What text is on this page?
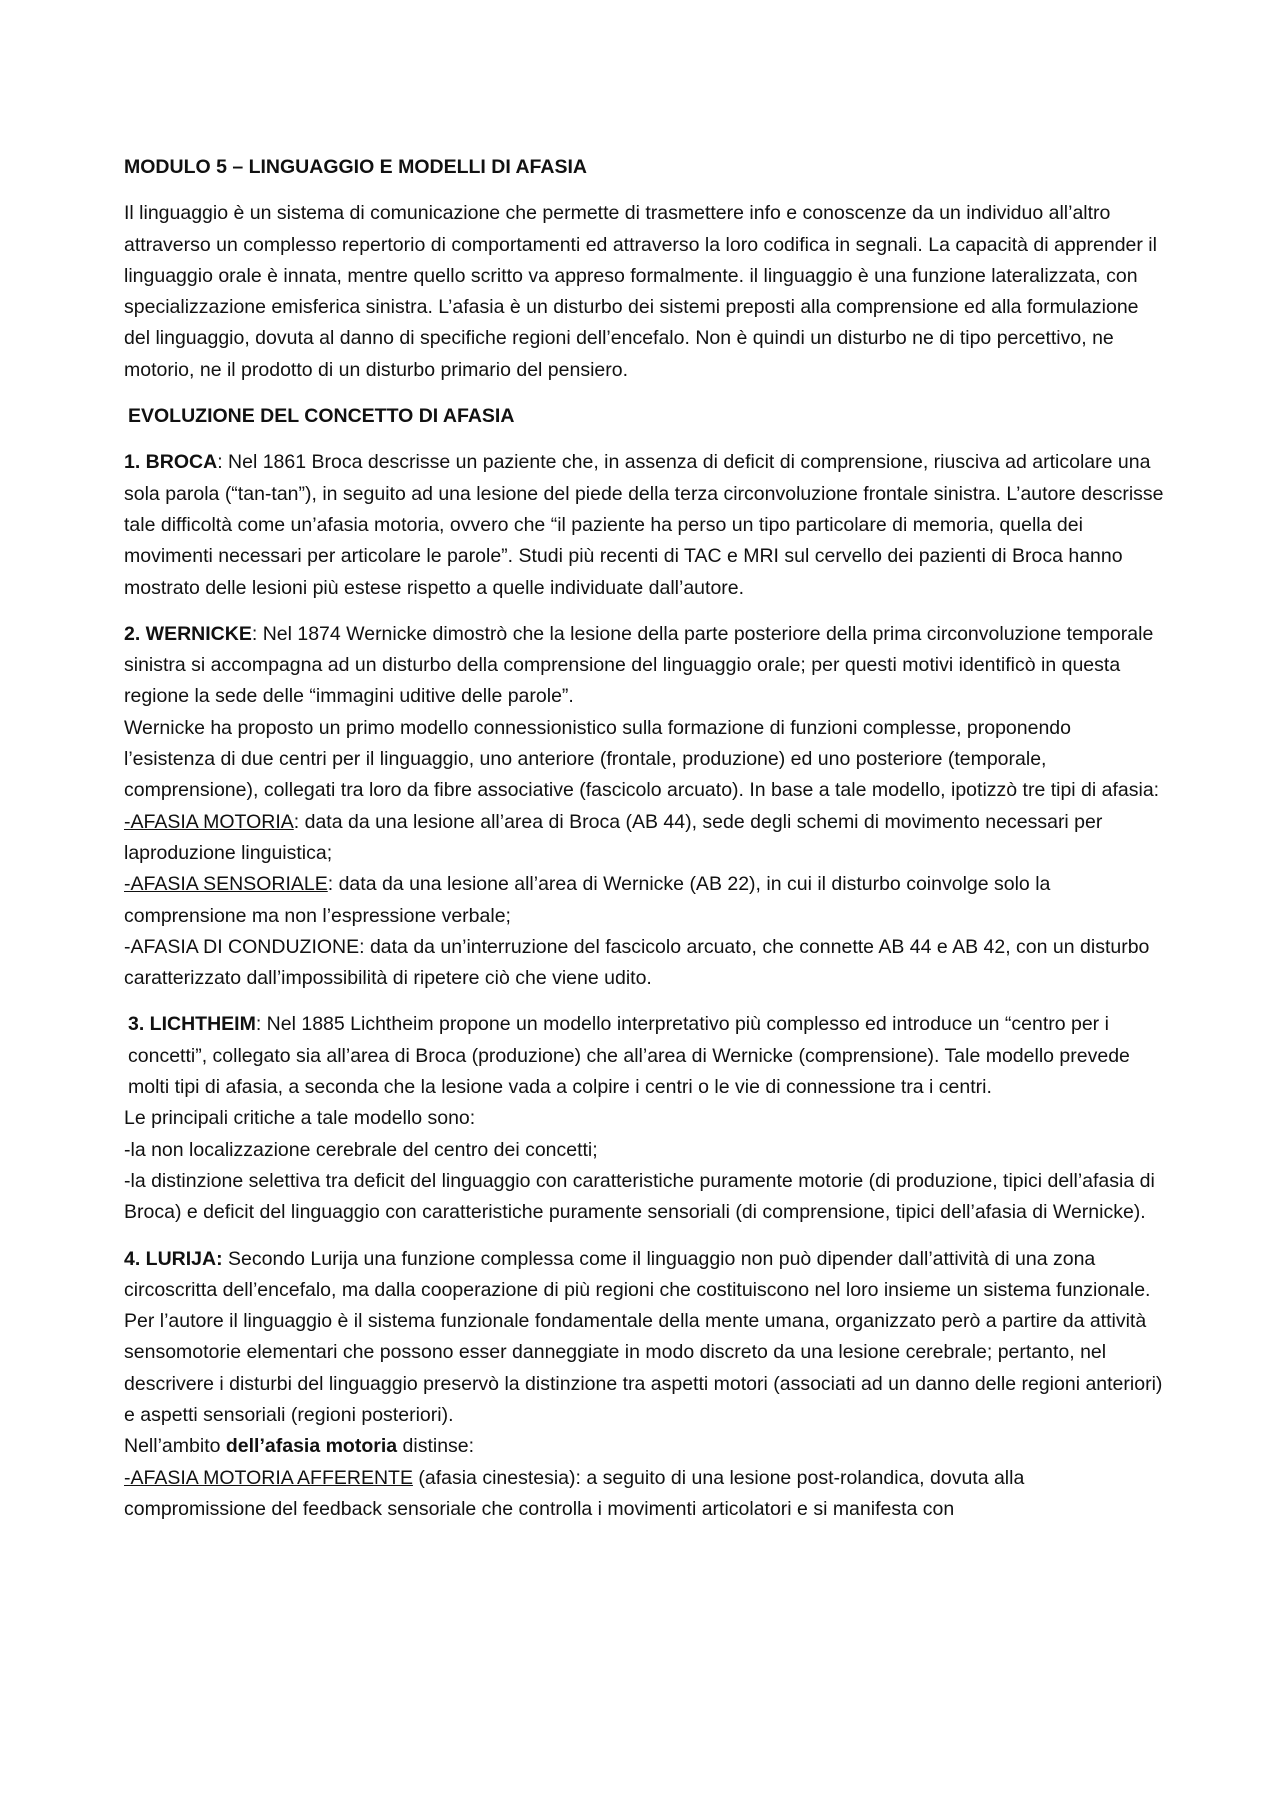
MODULO 5 – LINGUAGGIO E MODELLI DI AFASIA

Il linguaggio è un sistema di comunicazione che permette di trasmettere info e conoscenze da un individuo all’altro attraverso un complesso repertorio di comportamenti ed attraverso la loro codifica in segnali. La capacità di apprender il linguaggio orale è innata, mentre quello scritto va appreso formalmente. il linguaggio è una funzione lateralizzata, con specializzazione emisferica sinistra. L’afasia è un disturbo dei sistemi preposti alla comprensione ed alla formulazione del linguaggio, dovuta al danno di specifiche regioni dell’encefalo. Non è quindi un disturbo ne di tipo percettivo, ne motorio, ne il prodotto di un disturbo primario del pensiero.

EVOLUZIONE DEL CONCETTO DI AFASIA

1. BROCA: Nel 1861 Broca descrisse un paziente che, in assenza di deficit di comprensione, riusciva ad articolare una sola parola (“tan-tan”), in seguito ad una lesione del piede della terza circonvoluzione frontale sinistra. L’autore descrisse tale difficoltà come un’afasia motoria, ovvero che “il paziente ha perso un tipo particolare di memoria, quella dei movimenti necessari per articolare le parole”. Studi più recenti di TAC e MRI sul cervello dei pazienti di Broca hanno mostrato delle lesioni più estese rispetto a quelle individuate dall’autore.

2. WERNICKE: Nel 1874 Wernicke dimostrò che la lesione della parte posteriore della prima circonvoluzione temporale sinistra si accompagna ad un disturbo della comprensione del linguaggio orale; per questi motivi identificò in questa regione la sede delle “immagini uditive delle parole”.
Wernicke ha proposto un primo modello connessionistico sulla formazione di funzioni complesse, proponendo l’esistenza di due centri per il linguaggio, uno anteriore (frontale, produzione) ed uno posteriore (temporale, comprensione), collegati tra loro da fibre associative (fascicolo arcuato). In base a tale modello, ipotizzò tre tipi di afasia:
-AFASIA MOTORIA: data da una lesione all’area di Broca (AB 44), sede degli schemi di movimento necessari per laproduzione linguistica;
-AFASIA SENSORIALE: data da una lesione all’area di Wernicke (AB 22), in cui il disturbo coinvolge solo la comprensione ma non l’espressione verbale;
-AFASIA DI CONDUZIONE: data da un’interruzione del fascicolo arcuato, che connette AB 44 e AB 42, con un disturbo caratterizzato dall’impossibilità di ripetere ciò che viene udito.

3. LICHTHEIM: Nel 1885 Lichtheim propone un modello interpretativo più complesso ed introduce un “centro per i concetti”, collegato sia all’area di Broca (produzione) che all’area di Wernicke (comprensione). Tale modello prevede molti tipi di afasia, a seconda che la lesione vada a colpire i centri o le vie di connessione tra i centri.
Le principali critiche a tale modello sono:
-la non localizzazione cerebrale del centro dei concetti;
-la distinzione selettiva tra deficit del linguaggio con caratteristiche puramente motorie (di produzione, tipici dell’afasia di Broca) e deficit del linguaggio con caratteristiche puramente sensoriali (di comprensione, tipici dell’afasia di Wernicke).

4. LURIJA: Secondo Lurija una funzione complessa come il linguaggio non può dipender dall’attività di una zona circoscritta dell’encefalo, ma dalla cooperazione di più regioni che costituiscono nel loro insieme un sistema funzionale. Per l’autore il linguaggio è il sistema funzionale fondamentale della mente umana, organizzato però a partire da attività sensomotorie elementari che possono esser danneggiate in modo discreto da una lesione cerebrale; pertanto, nel descrivere i disturbi del linguaggio preservò la distinzione tra aspetti motori (associati ad un danno delle regioni anteriori) e aspetti sensoriali (regioni posteriori).
Nell’ambito dell’afasia motoria distinse:
-AFASIA MOTORIA AFFERENTE (afasia cinestesia): a seguito di una lesione post-rolandica, dovuta alla compromissione del feedback sensoriale che controlla i movimenti articolatori e si manifesta con
